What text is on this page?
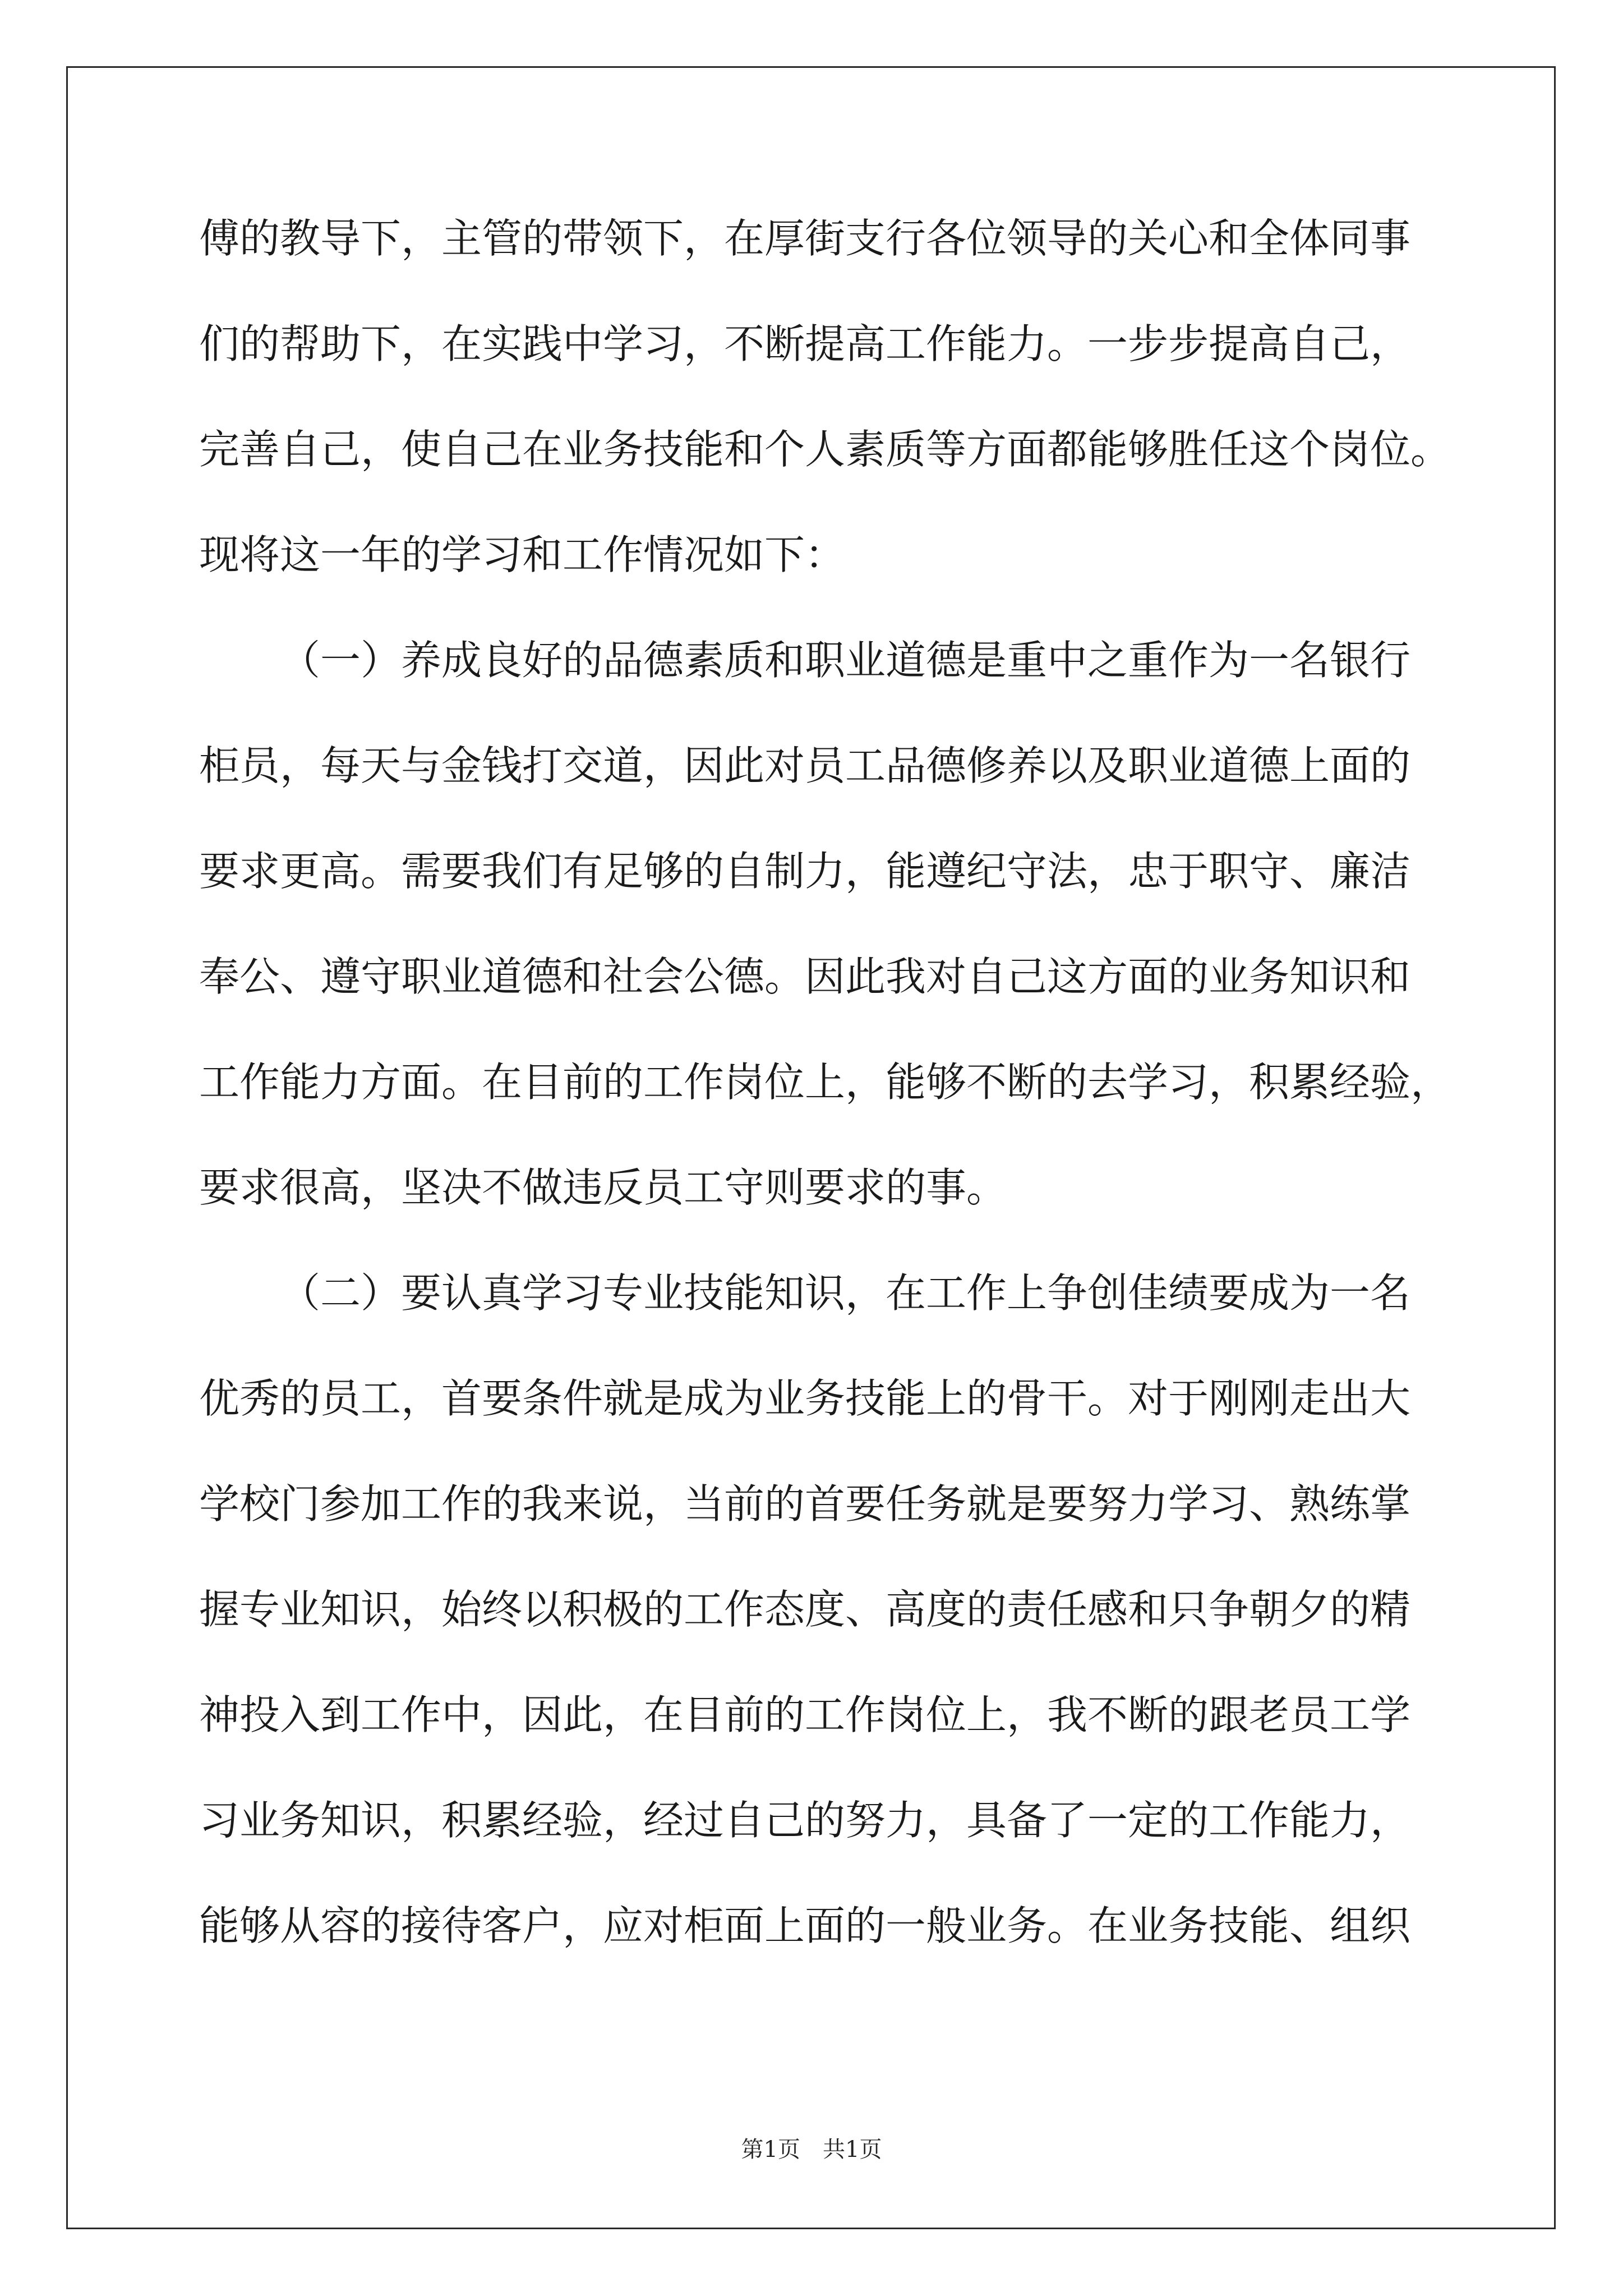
傅的教导下，主管的带领下，在厚街支行各位领导的关心和全体同事
们的帮助下，在实践中学习，不断提高工作能力。一步步提高自己，
完善自己，使自己在业务技能和个人素质等方面都能够胜任这个岗位。
现将这一年的学习和工作情况如下：
（一）养成良好的品德素质和职业道德是重中之重作为一名银行
柜员，每天与金钱打交道，因此对员工品德修养以及职业道德上面的
要求更高。需要我们有足够的自制力，能遵纪守法，忠于职守、廉洁
奉公、遵守职业道德和社会公德。因此我对自己这方面的业务知识和
工作能力方面。在目前的工作岗位上，能够不断的去学习，积累经验，
要求很高，坚决不做违反员工守则要求的事。
（二）要认真学习专业技能知识，在工作上争创佳绩要成为一名
优秀的员工，首要条件就是成为业务技能上的骨干。对于刚刚走出大
学校门参加工作的我来说，当前的首要任务就是要努力学习、熟练掌
握专业知识，始终以积极的工作态度、高度的责任感和只争朝夕的精
神投入到工作中，因此，在目前的工作岗位上，我不断的跟老员工学
习业务知识，积累经验，经过自己的努力，具备了一定的工作能力，
能够从容的接待客户，应对柜面上面的一般业务。在业务技能、组织
第1页　共1页
